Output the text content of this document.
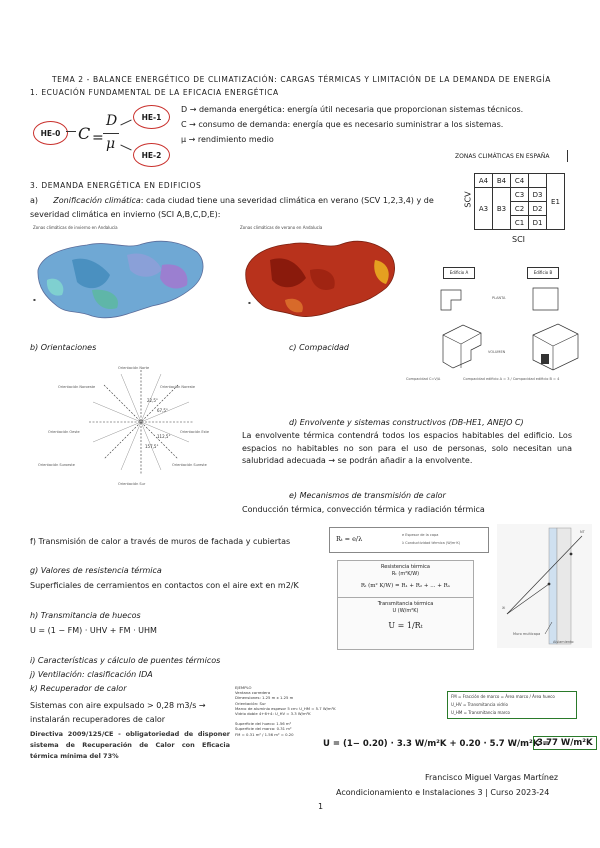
TEMA 2 - BALANCE ENERGÉTICO DE CLIMATIZACIÓN: CARGAS TÉRMICAS Y LIMITACIÓN DE LA DEMANDA DE ENERGÍA
1. ECUACIÓN FUNDAMENTAL DE LA EFICACIA ENERGÉTICA
HE-0
HE-1
HE-2
C =
D
μ
D → demanda energética: energía útil necesaria que proporcionan sistemas técnicos.
C → consumo de demanda: energía que es necesario suministrar a los sistemas.
μ → rendimiento medio
ZONAS CLIMÁTICAS EN ESPAÑA
SCV
A4	B4	C4		E1
A3	B3	C3	D3	
		C2	D2	
		C1	D1	
SCI
3. DEMANDA ENERGÉTICA EN EDIFICIOS
a) Zonificación climática: cada ciudad tiene una severidad climática en verano (SCV 1,2,3,4) y de severidad climática en invierno (SCI A,B,C,D,E):
Zonas climáticas de invierno en Andalucía
▪
Zonas climáticas de verano en Andalucía
▪
Edificio A	Edificio B
PLANTA
VOLUMEN
Compacidad C=V/A	Compacidad edificio A = 3 / Compacidad edificio B = 4
b) Orientaciones	c) Compacidad
22,5°
67,5°
112,5°
157,5°
Orientación Norte
Orientación Noreste
Orientación Noroeste
Orientación Este
Orientación Oeste
Orientación Sureste
Orientación Suroeste
Orientación Sur
d) Envolvente y sistemas constructivos (DB-HE1, ANEJO C)
La envolvente térmica contendrá todos los espacios habitables del edificio. Los espacios no habitables no son para el uso de personas, solo necesitan una salubridad adecuada → se podrán añadir a la envolvente.
e) Mecanismos de transmisión de calor
Conducción térmica, convección térmica y radiación térmica
f) Transmisión de calor a través de muros de fachada y cubiertas	Rₜ = e/λ	e Espesor de la capa
λ Conductividad térmica (W/m·K)
g) Valores de resistencia térmica
Superficiales de cerramientos en contactos con el aire ext en m2/K
Resistencia térmica
Rₜ (m²K/W)
Rₜ (m² K/W) = R₁ + R₂ + ... + Rₙ
Transmitancia térmica
U (W/m²K)
U = 1/Rₜ
NT
Xi
Muro multicapa
Aislamiento
h) Transmitancia de huecos
U = (1 − FM) · UHV + FM · UHM
i) Características y cálculo de puentes térmicos
j) Ventilación: clasificación IDA
k) Recuperador de calor
Sistemas con aire expulsado > 0,28 m3/s →
instalarán recuperadores de calor
Directiva 2009/125/CE - obligatoriedad de disponer sistema de Recuperación de Calor con Eficacia térmica mínima del 73%
EJEMPLO
Ventana corredera
Dimensiones: 1.25 m x 1.25 m
Orientación: Sur
Marco de aluminio espesor 5 cm: U_HM = 5.7 W/m²K
Vidrio doble 4+6+4: U_HV = 3.3 W/m²K
Superficie del hueco: 1.56 m²
Superficie del marco: 0.31 m²
FM = 0.31 m² / 1.56 m² = 0.20
FM = Fracción de marco = Área marco / Área hueco
U_HV = Transmitancia vidrio
U_HM = Transmitancia marco
U = (1− 0.20) · 3.3 W/m²K + 0.20 · 5.7 W/m²K =
3.77 W/m²K
Francisco Miguel Vargas Martínez
Acondicionamiento e Instalaciones 3 | Curso 2023-24
1
